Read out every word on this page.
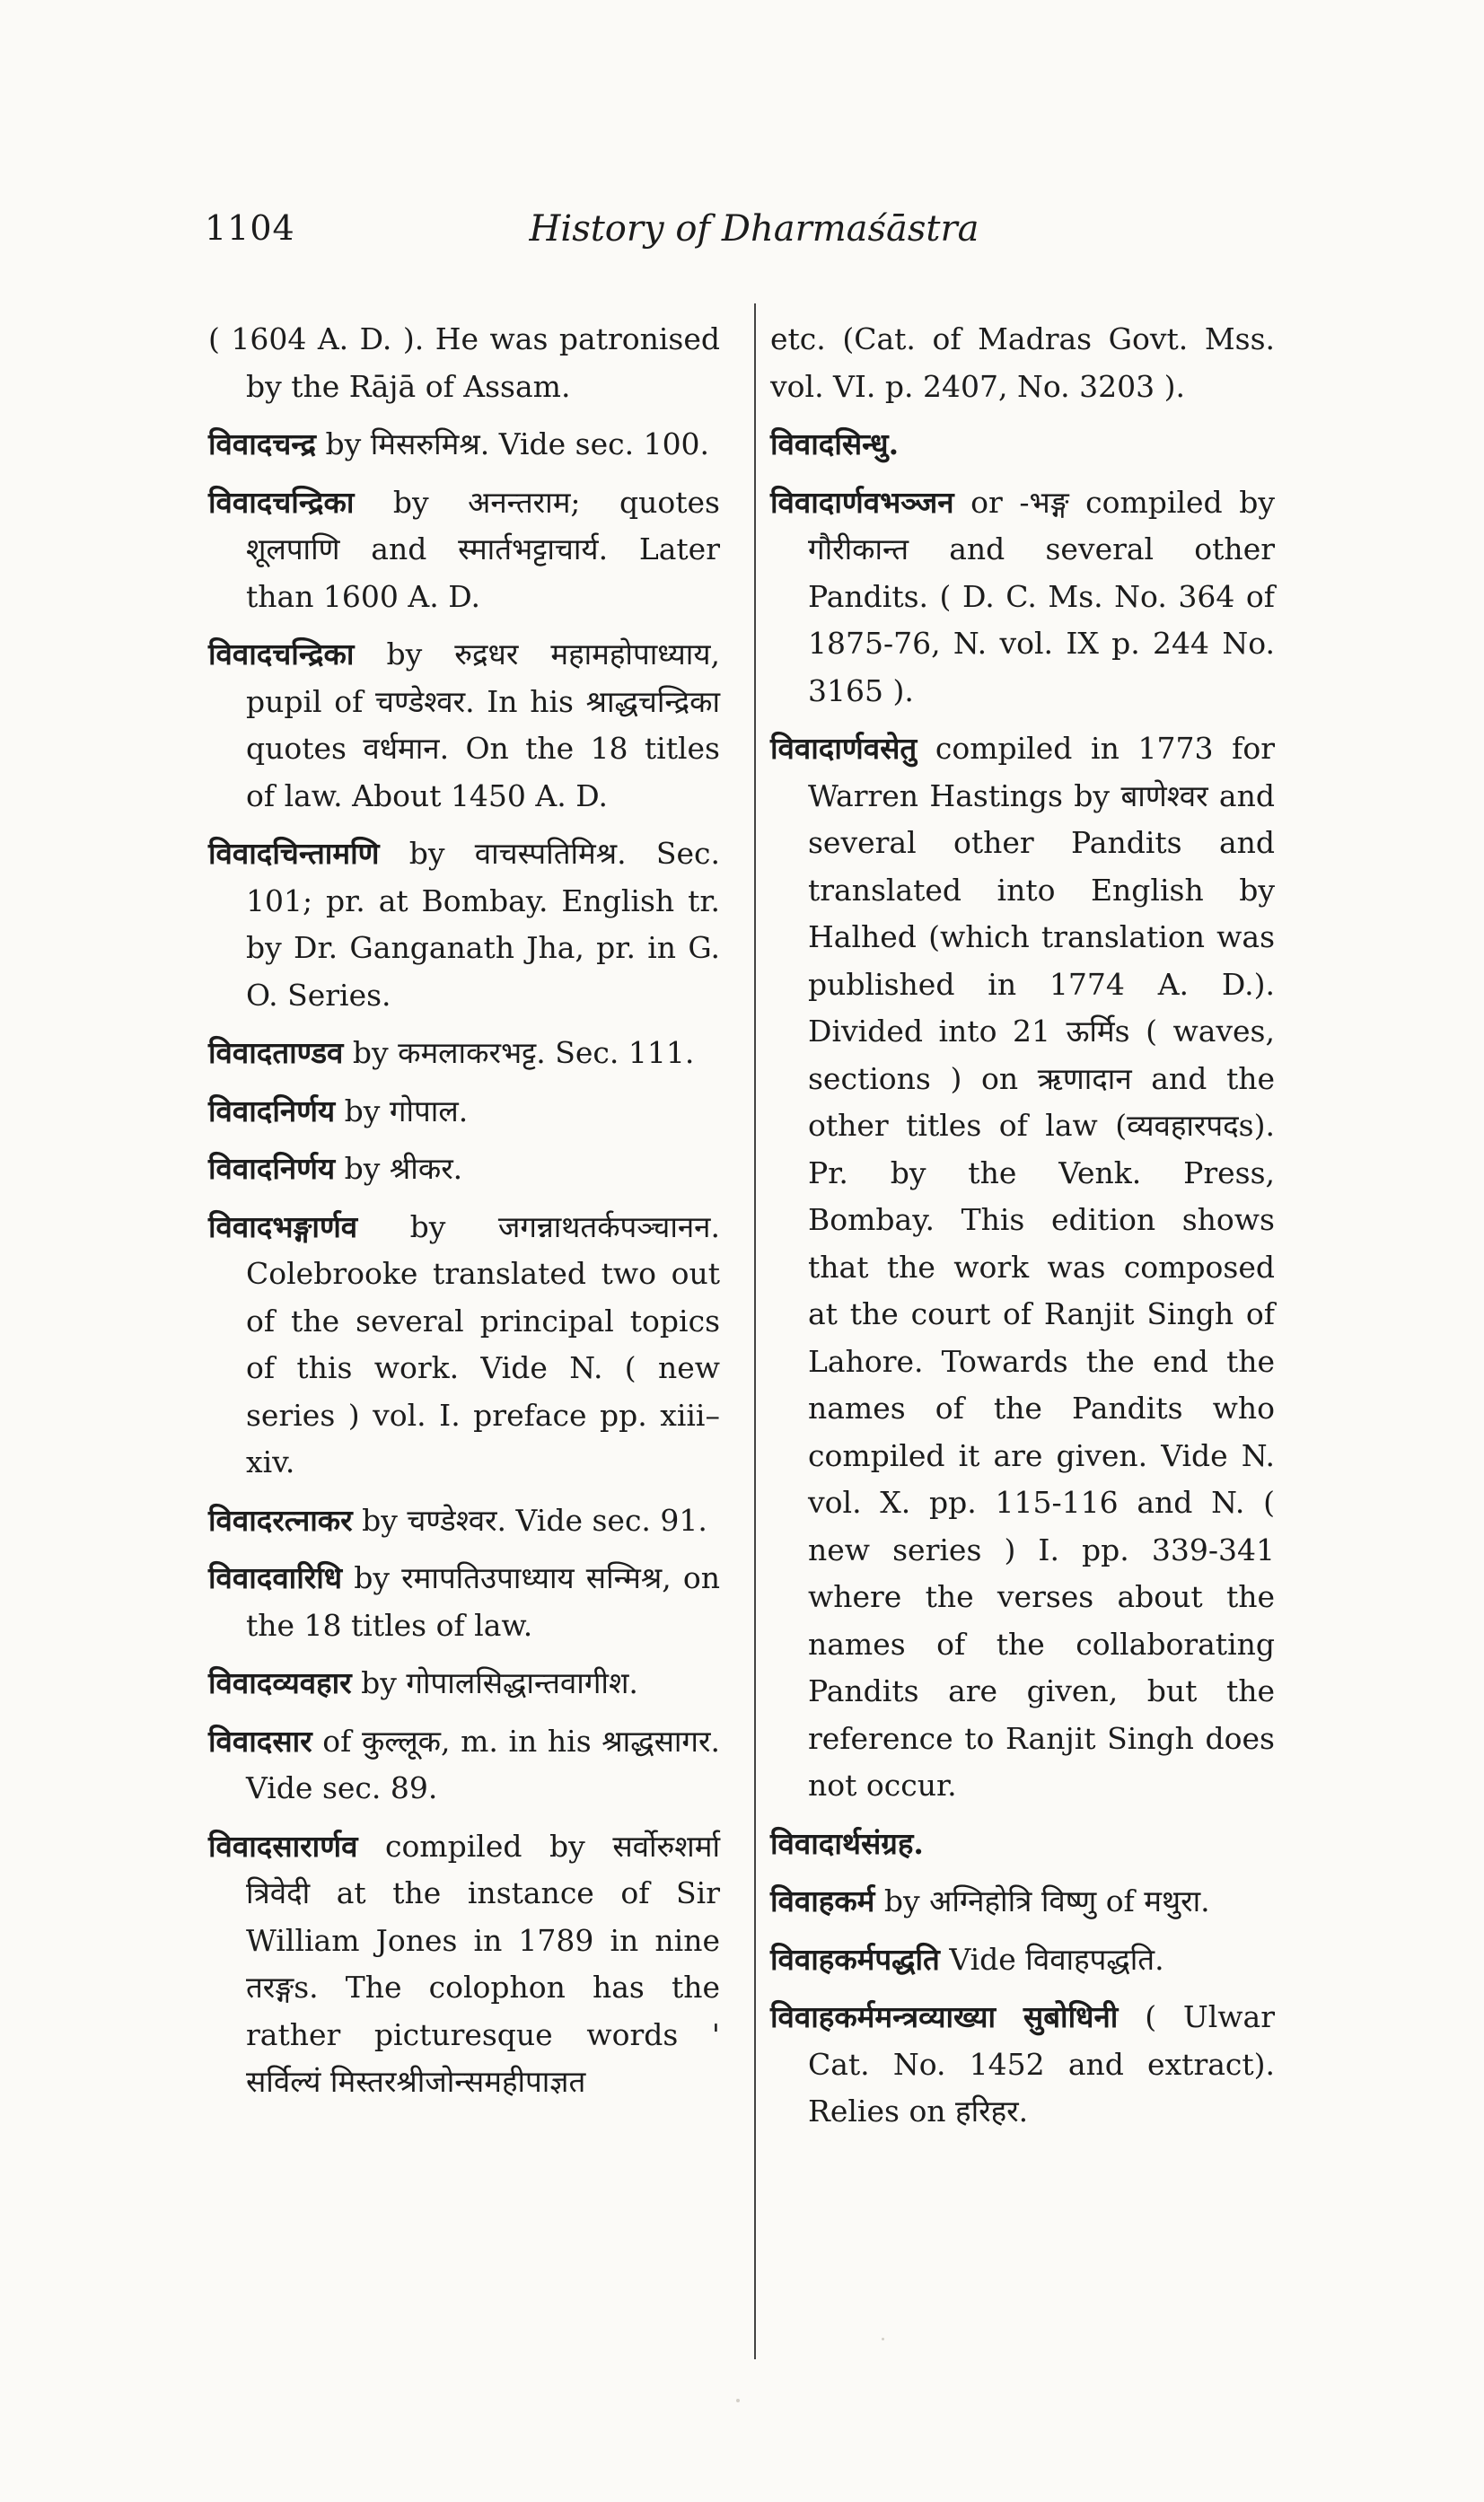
1104	History of Dharmaśāstra

( 1604 A. D. ). He was patronised by the Rājā of Assam.

विवादचन्द्र by मिसरुमिश्र. Vide sec. 100.

विवादचन्द्रिका by अनन्तराम; quotes शूलपाणि and स्मार्तभट्टाचार्य. Later than 1600 A. D.

विवादचन्द्रिका by रुद्रधर महामहोपाध्याय, pupil of चण्डेश्वर. In his श्राद्धचन्द्रिका quotes वर्धमान. On the 18 titles of law. About 1450 A. D.

विवादचिन्तामणि by वाचस्पतिमिश्र. Sec. 101; pr. at Bombay. English tr. by Dr. Ganganath Jha, pr. in G. O. Series.

विवादताण्डव by कमलाकरभट्ट. Sec. 111.

विवादनिर्णय by गोपाल.

विवादनिर्णय by श्रीकर.

विवादभङ्गार्णव by जगन्नाथतर्कपञ्चानन. Colebrooke translated two out of the several principal topics of this work. Vide N. ( new series ) vol. I. preface pp. xiii–xiv.

विवादरत्नाकर by चण्डेश्वर. Vide sec. 91.

विवादवारिधि by रमापतिउपाध्याय सन्मिश्र, on the 18 titles of law.

विवादव्यवहार by गोपालसिद्धान्तवागीश.

विवादसार of कुल्लूक, m. in his श्राद्धसागर. Vide sec. 89.

विवादसारार्णव compiled by सर्वोरुशर्मा त्रिवेदी at the instance of Sir William Jones in 1789 in nine तरङ्गs. The colophon has the rather picturesque words ' सर्विल्यं मिस्तरश्रीजोन्समहीपाज्ञत

etc. (Cat. of Madras Govt. Mss. vol. VI. p. 2407, No. 3203 ).

विवादसिन्धु.

विवादार्णवभञ्जन or -भङ्ग compiled by गौरीकान्त and several other Pandits. ( D. C. Ms. No. 364 of 1875-76, N. vol. IX p. 244 No. 3165 ).

विवादार्णवसेतु compiled in 1773 for Warren Hastings by बाणेश्वर and several other Pandits and translated into English by Halhed (which translation was published in 1774 A. D.). Divided into 21 ऊर्मिs ( waves, sections ) on ऋणादान and the other titles of law (व्यवहारपदs). Pr. by the Venk. Press, Bombay. This edition shows that the work was composed at the court of Ranjit Singh of Lahore. Towards the end the names of the Pandits who compiled it are given. Vide N. vol. X. pp. 115-116 and N. ( new series ) I. pp. 339-341 where the verses about the names of the collaborating Pandits are given, but the reference to Ranjit Singh does not occur.

विवादार्थसंग्रह.

विवाहकर्म by अग्निहोत्रि विष्णु of मथुरा.

विवाहकर्मपद्धति Vide विवाहपद्धति.

विवाहकर्ममन्त्रव्याख्या सुबोधिनी ( Ulwar Cat. No. 1452 and extract). Relies on हरिहर.
